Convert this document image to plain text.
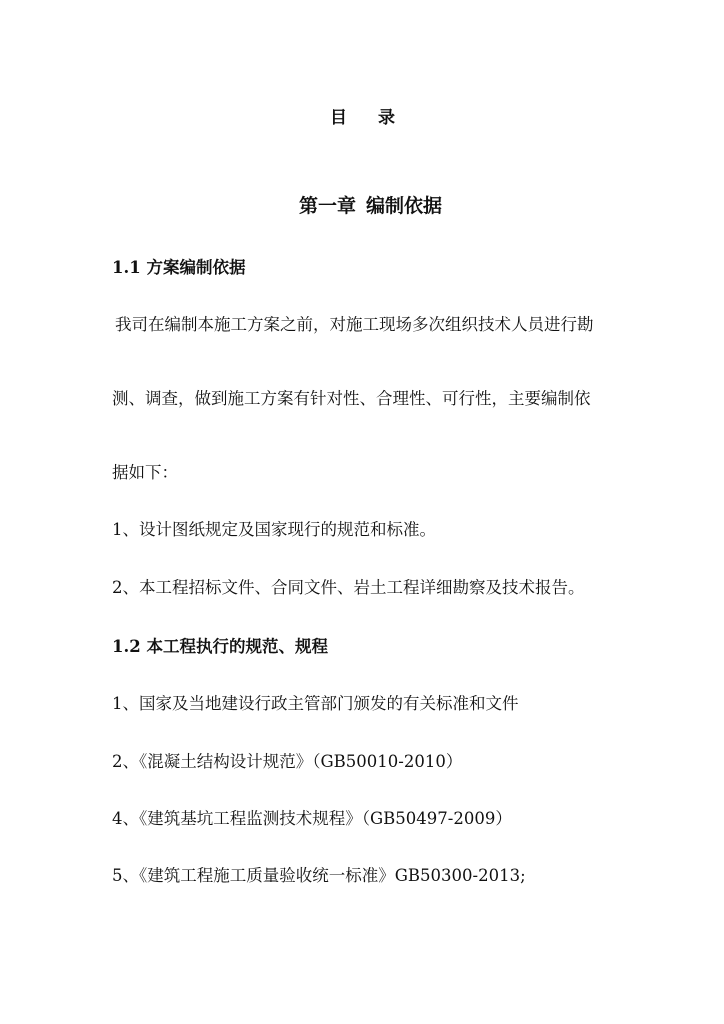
目 录
第一章 编制依据
1.1 方案编制依据
我司在编制本施工方案之前，对施工现场多次组织技术人员进行勘
测、调查，做到施工方案有针对性、合理性、可行性，主要编制依
据如下：
1、设计图纸规定及国家现行的规范和标准。
2、本工程招标文件、合同文件、岩土工程详细勘察及技术报告。
1.2 本工程执行的规范、规程
1、国家及当地建设行政主管部门颁发的有关标准和文件
2、《混凝土结构设计规范》（GB50010-2010）
4、《建筑基坑工程监测技术规程》（GB50497-2009）
5、《建筑工程施工质量验收统一标准》GB50300-2013;
